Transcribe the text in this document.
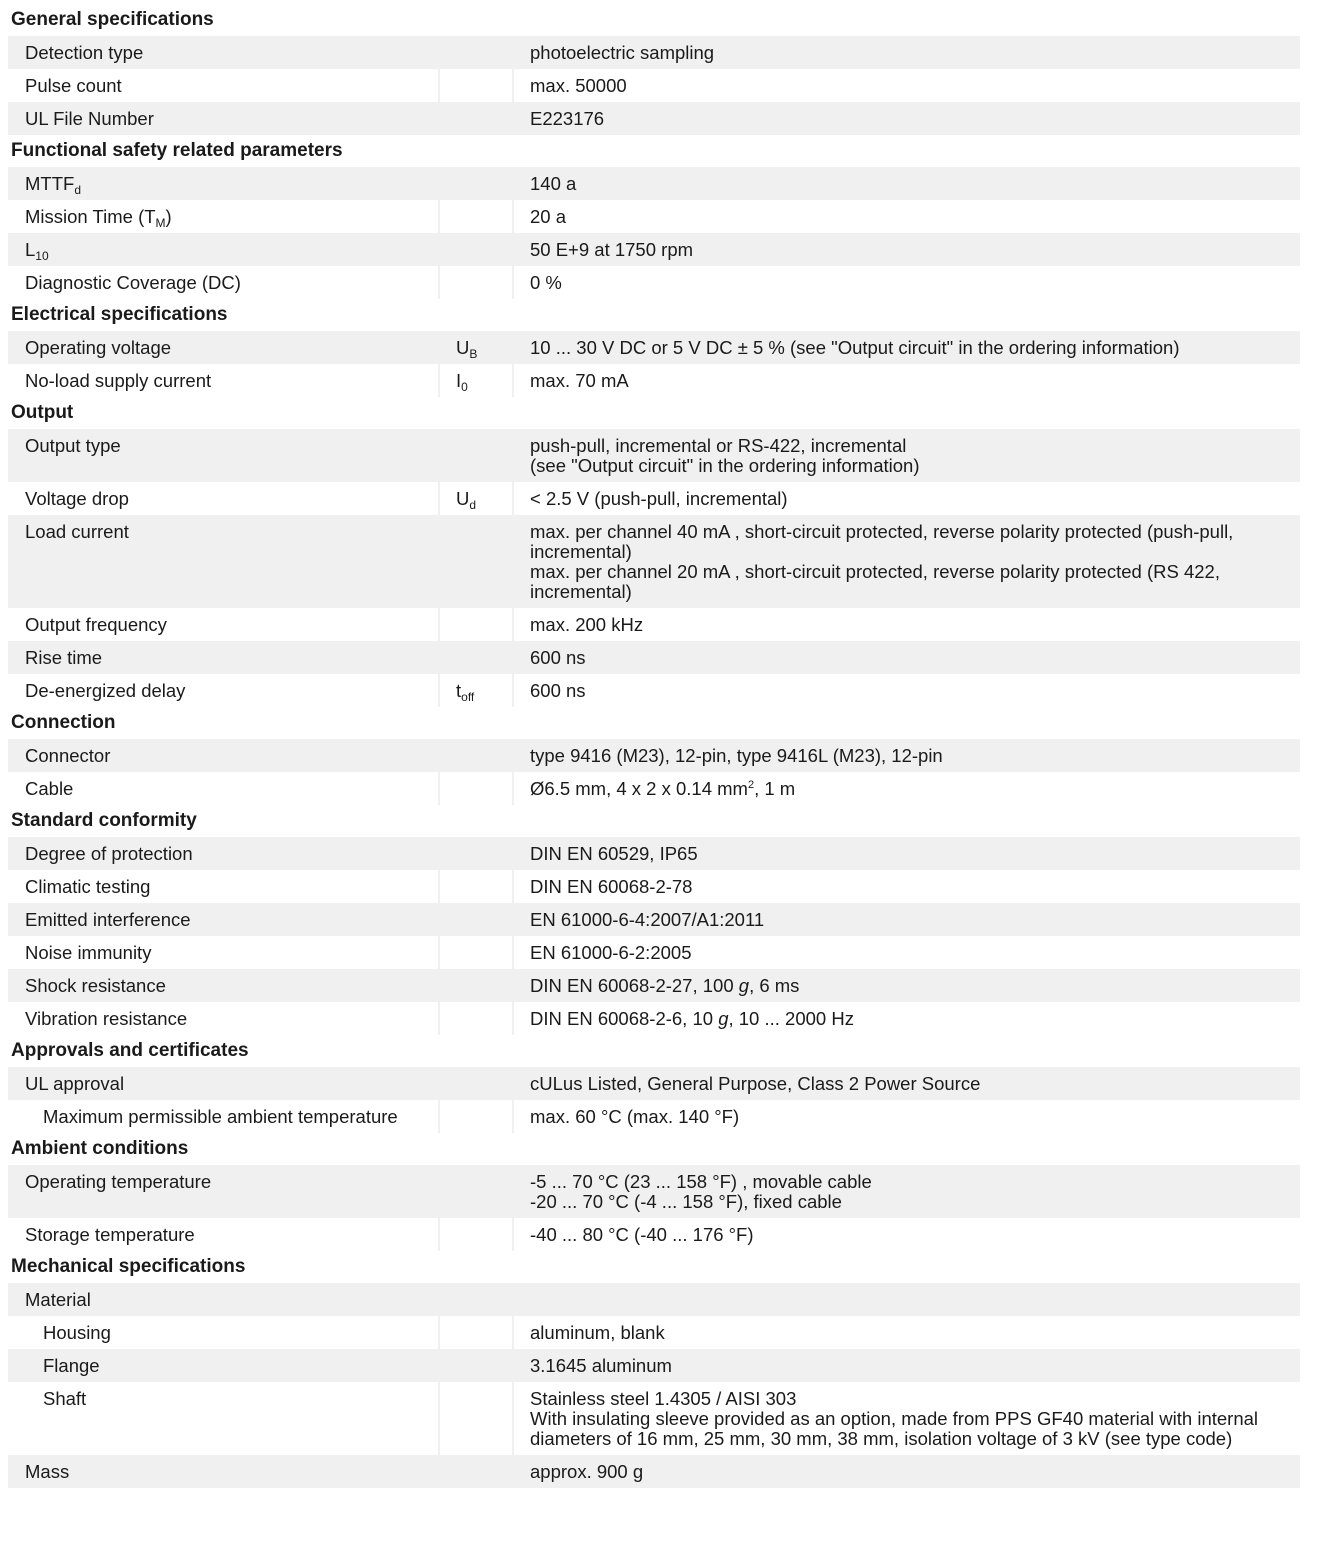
General specifications
Detection type	photoelectric sampling
Pulse count	max. 50000
UL File Number	E223176
Functional safety related parameters
$MTTF_d$	140 a
Mission Time $(T_M)$	20 a
$L_{10}$	50 E+9 at 1750 rpm
Diagnostic Coverage (DC)	0 %
Electrical specifications
Operating voltage	$U_B$	10 ... 30 V DC or 5 V DC ± 5 % (see "Output circuit" in the ordering information)
No-load supply current	$I_0$	max. 70 mA
Output
Output type	push-pull, incremental or RS-422, incremental
(see "Output circuit" in the ordering information)
Voltage drop	$U_d$	< 2.5 V (push-pull, incremental)
Load current	max. per channel 40 mA , short-circuit protected, reverse polarity protected (push-pull, incremental)
max. per channel 20 mA , short-circuit protected, reverse polarity protected (RS 422, incremental)
Output frequency	max. 200 kHz
Rise time	600 ns
De-energized delay	$t_{off}$	600 ns
Connection
Connector	type 9416 (M23), 12-pin, type 9416L (M23), 12-pin
Cable	Ø6.5 mm, 4 x 2 x 0.14 $mm^2$, 1 m
Standard conformity
Degree of protection	DIN EN 60529, IP65
Climatic testing	DIN EN 60068-2-78
Emitted interference	EN 61000-6-4:2007/A1:2011
Noise immunity	EN 61000-6-2:2005
Shock resistance	DIN EN 60068-2-27, 100 g, 6 ms
Vibration resistance	DIN EN 60068-2-6, 10 g, 10 ... 2000 Hz
Approvals and certificates
UL approval	cULus Listed, General Purpose, Class 2 Power Source
Maximum permissible ambient temperature	max. 60 °C (max. 140 °F)
Ambient conditions
Operating temperature	-5 ... 70 °C (23 ... 158 °F) , movable cable
-20 ... 70 °C (-4 ... 158 °F), fixed cable
Storage temperature	-40 ... 80 °C (-40 ... 176 °F)
Mechanical specifications
Material

Housing	aluminum, blank
Flange	3.1645 aluminum
Shaft	Stainless steel 1.4305 / AISI 303
With insulating sleeve provided as an option, made from PPS GF40 material with internal diameters of 16 mm, 25 mm, 30 mm, 38 mm, isolation voltage of 3 kV (see type code)
Mass	approx. 900 g
